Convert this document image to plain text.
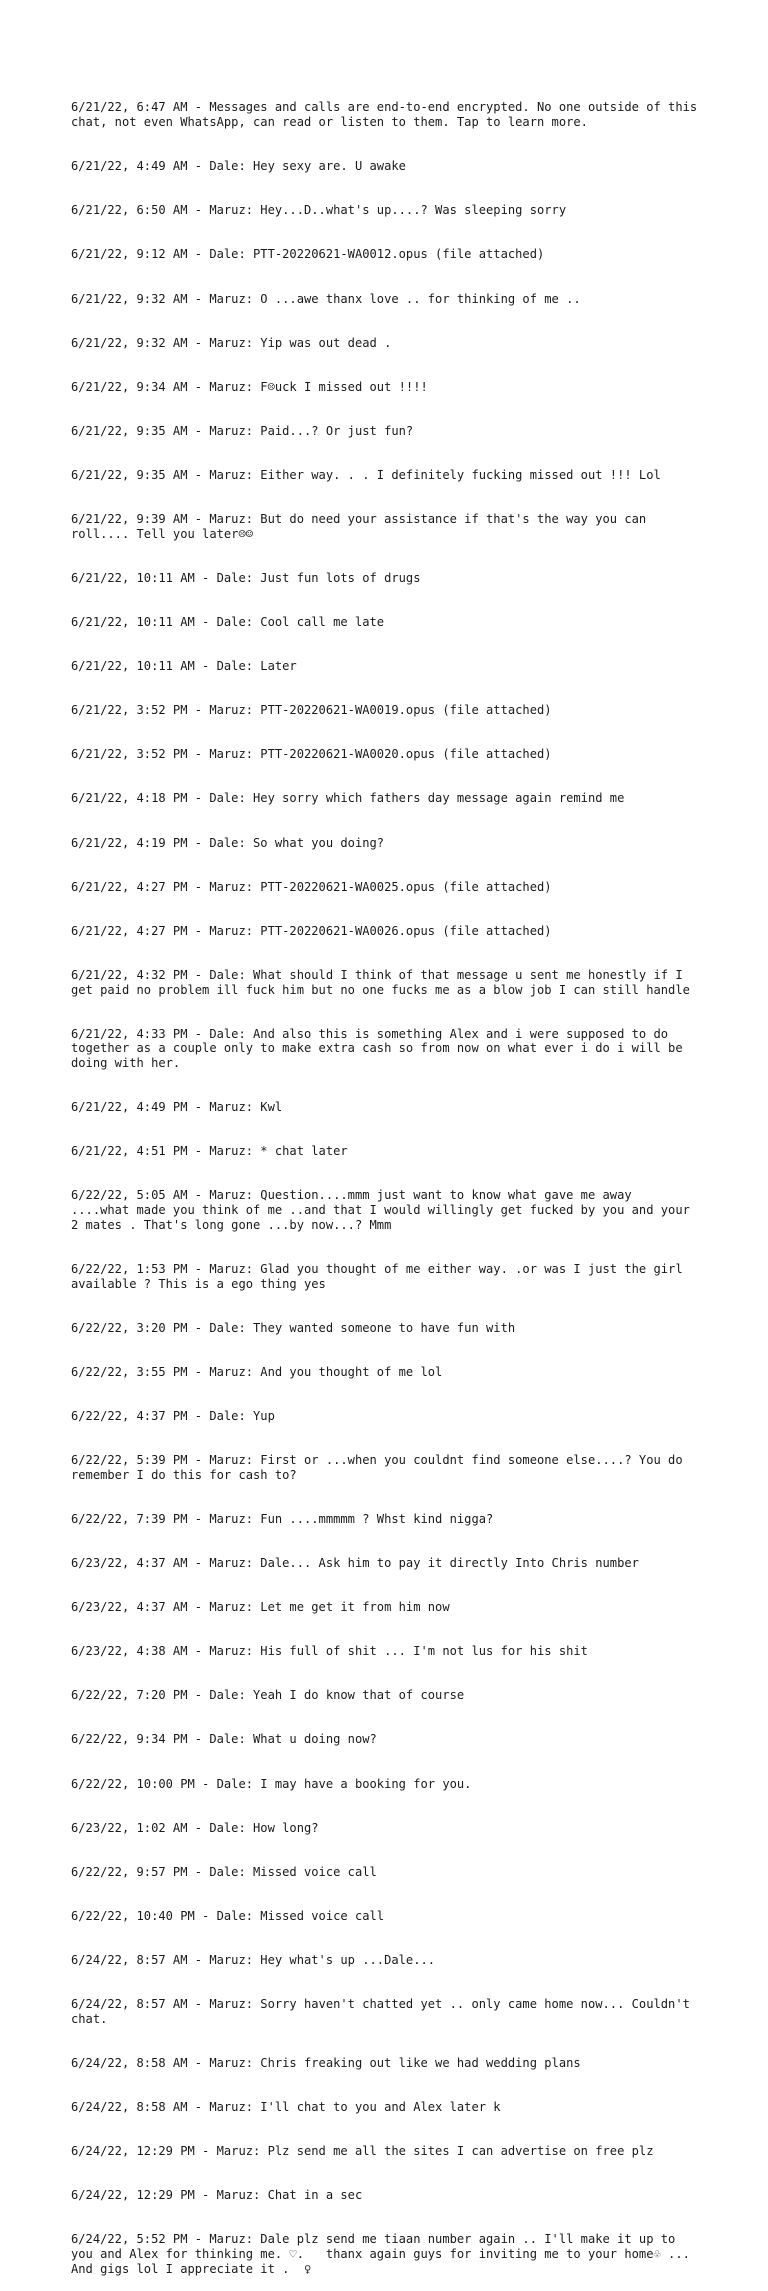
6/21/22, 6:47 AM - Messages and calls are end-to-end encrypted. No one outside of this chat, not even WhatsApp, can read or listen to them. Tap to learn more.

6/21/22, 4:49 AM - Dale: Hey sexy are. U awake

6/21/22, 6:50 AM - Maruz: Hey...D..what's up....? Was sleeping sorry

6/21/22, 9:12 AM - Dale: PTT-20220621-WA0012.opus (file attached)

6/21/22, 9:32 AM - Maruz: O ...awe thanx love .. for thinking of me ..

6/21/22, 9:32 AM - Maruz: Yip was out dead .

6/21/22, 9:34 AM - Maruz: F☹uck I missed out !!!!

6/21/22, 9:35 AM - Maruz: Paid...? Or just fun?

6/21/22, 9:35 AM - Maruz: Either way. . . I definitely fucking missed out !!! Lol

6/21/22, 9:39 AM - Maruz: But do need your assistance if that's the way you can roll.... Tell you later☹☺

6/21/22, 10:11 AM - Dale: Just fun lots of drugs

6/21/22, 10:11 AM - Dale: Cool call me late

6/21/22, 10:11 AM - Dale: Later

6/21/22, 3:52 PM - Maruz: PTT-20220621-WA0019.opus (file attached)

6/21/22, 3:52 PM - Maruz: PTT-20220621-WA0020.opus (file attached)

6/21/22, 4:18 PM - Dale: Hey sorry which fathers day message again remind me

6/21/22, 4:19 PM - Dale: So what you doing?

6/21/22, 4:27 PM - Maruz: PTT-20220621-WA0025.opus (file attached)

6/21/22, 4:27 PM - Maruz: PTT-20220621-WA0026.opus (file attached)

6/21/22, 4:32 PM - Dale: What should I think of that message u sent me honestly if I get paid no problem ill fuck him but no one fucks me as a blow job I can still handle

6/21/22, 4:33 PM - Dale: And also this is something Alex and i were supposed to do together as a couple only to make extra cash so from now on what ever i do i will be doing with her.

6/21/22, 4:49 PM - Maruz: Kwl

6/21/22, 4:51 PM - Maruz: * chat later

6/22/22, 5:05 AM - Maruz: Question....mmm just want to know what gave me away  ....what made you think of me ..and that I would willingly get fucked by you and your 2 mates . That's long gone ...by now...? Mmm

6/22/22, 1:53 PM - Maruz: Glad you thought of me either way. .or was I just the girl available ? This is a ego thing yes

6/22/22, 3:20 PM - Dale: They wanted someone to have fun with

6/22/22, 3:55 PM - Maruz: And you thought of me lol

6/22/22, 4:37 PM - Dale: Yup

6/22/22, 5:39 PM - Maruz: First or ...when you couldnt find someone else....? You do remember I do this for cash to?

6/22/22, 7:39 PM - Maruz: Fun ....mmmmm ? Whst kind nigga?

6/23/22, 4:37 AM - Maruz: Dale... Ask him to pay it directly Into Chris number

6/23/22, 4:37 AM - Maruz: Let me get it from him now

6/23/22, 4:38 AM - Maruz: His full of shit ... I'm not lus for his shit

6/22/22, 7:20 PM - Dale: Yeah I do know that of course

6/22/22, 9:34 PM - Dale: What u doing now?

6/22/22, 10:00 PM - Dale: I may have a booking for you.

6/23/22, 1:02 AM - Dale: How long?

6/22/22, 9:57 PM - Dale: Missed voice call

6/22/22, 10:40 PM - Dale: Missed voice call

6/24/22, 8:57 AM - Maruz: Hey what's up ...Dale...

6/24/22, 8:57 AM - Maruz: Sorry haven't chatted yet .. only came home now... Couldn't chat.

6/24/22, 8:58 AM - Maruz: Chris freaking out like we had wedding plans

6/24/22, 8:58 AM - Maruz: I'll chat to you and Alex later k

6/24/22, 12:29 PM - Maruz: Plz send me all the sites I can advertise on free plz

6/24/22, 12:29 PM - Maruz: Chat in a sec

6/24/22, 5:52 PM - Maruz: Dale plz send me tiaan number again .. I'll make it up to you and Alex for thinking me. ♡.   thanx again guys for inviting me to your home♧ ... And gigs lol I appreciate it .  ♀
